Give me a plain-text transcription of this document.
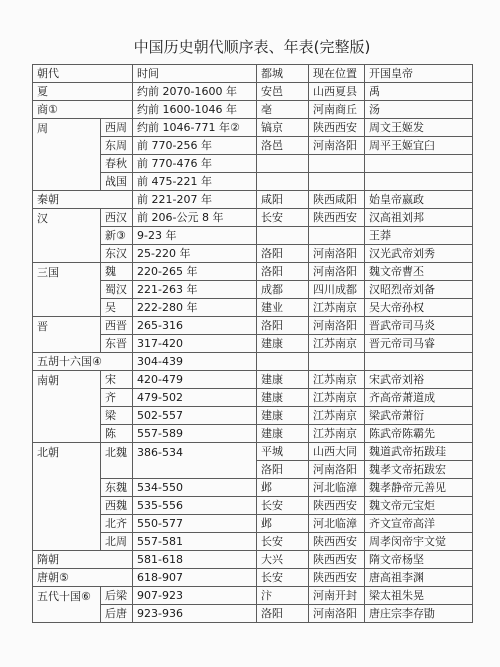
中国历史朝代顺序表、年表(完整版)
朝代		时间	都城	现在位置	开国皇帝
夏		约前 2070-1600 年	安邑	山西夏县	禹
商①		约前 1600-1046 年	亳	河南商丘	汤
周	西周	约前 1046-771 年②	镐京	陕西西安	周文王姬发
	东周	前 770-256 年	洛邑	河南洛阳	周平王姬宜臼
	春秋	前 770-476 年			
	战国	前 475-221 年			
秦朝		前 221-207 年	咸阳	陕西咸阳	始皇帝嬴政
汉	西汉	前 206-公元 8 年	长安	陕西西安	汉高祖刘邦
	新③	9-23 年			王莽
	东汉	25-220 年	洛阳	河南洛阳	汉光武帝刘秀
三国	魏	220-265 年	洛阳	河南洛阳	魏文帝曹丕
	蜀汉	221-263 年	成都	四川成都	汉昭烈帝刘备
	吴	222-280 年	建业	江苏南京	吴大帝孙权
晋	西晋	265-316	洛阳	河南洛阳	晋武帝司马炎
	东晋	317-420	建康	江苏南京	晋元帝司马睿
五胡十六国④		304-439			
南朝	宋	420-479	建康	江苏南京	宋武帝刘裕
	齐	479-502	建康	江苏南京	齐高帝萧道成
	梁	502-557	建康	江苏南京	梁武帝萧衍
	陈	557-589	建康	江苏南京	陈武帝陈霸先
北朝	北魏	386-534	平城	山西大同	魏道武帝拓跋珪
			洛阳	河南洛阳	魏孝文帝拓跋宏
	东魏	534-550	邺	河北临漳	魏孝静帝元善见
	西魏	535-556	长安	陕西西安	魏文帝元宝炬
	北齐	550-577	邺	河北临漳	齐文宣帝高洋
	北周	557-581	长安	陕西西安	周孝闵帝宇文觉
隋朝		581-618	大兴	陕西西安	隋文帝杨坚
唐朝⑤		618-907	长安	陕西西安	唐高祖李渊
五代十国⑥	后梁	907-923	汴	河南开封	梁太祖朱晃
	后唐	923-936	洛阳	河南洛阳	唐庄宗李存勖
